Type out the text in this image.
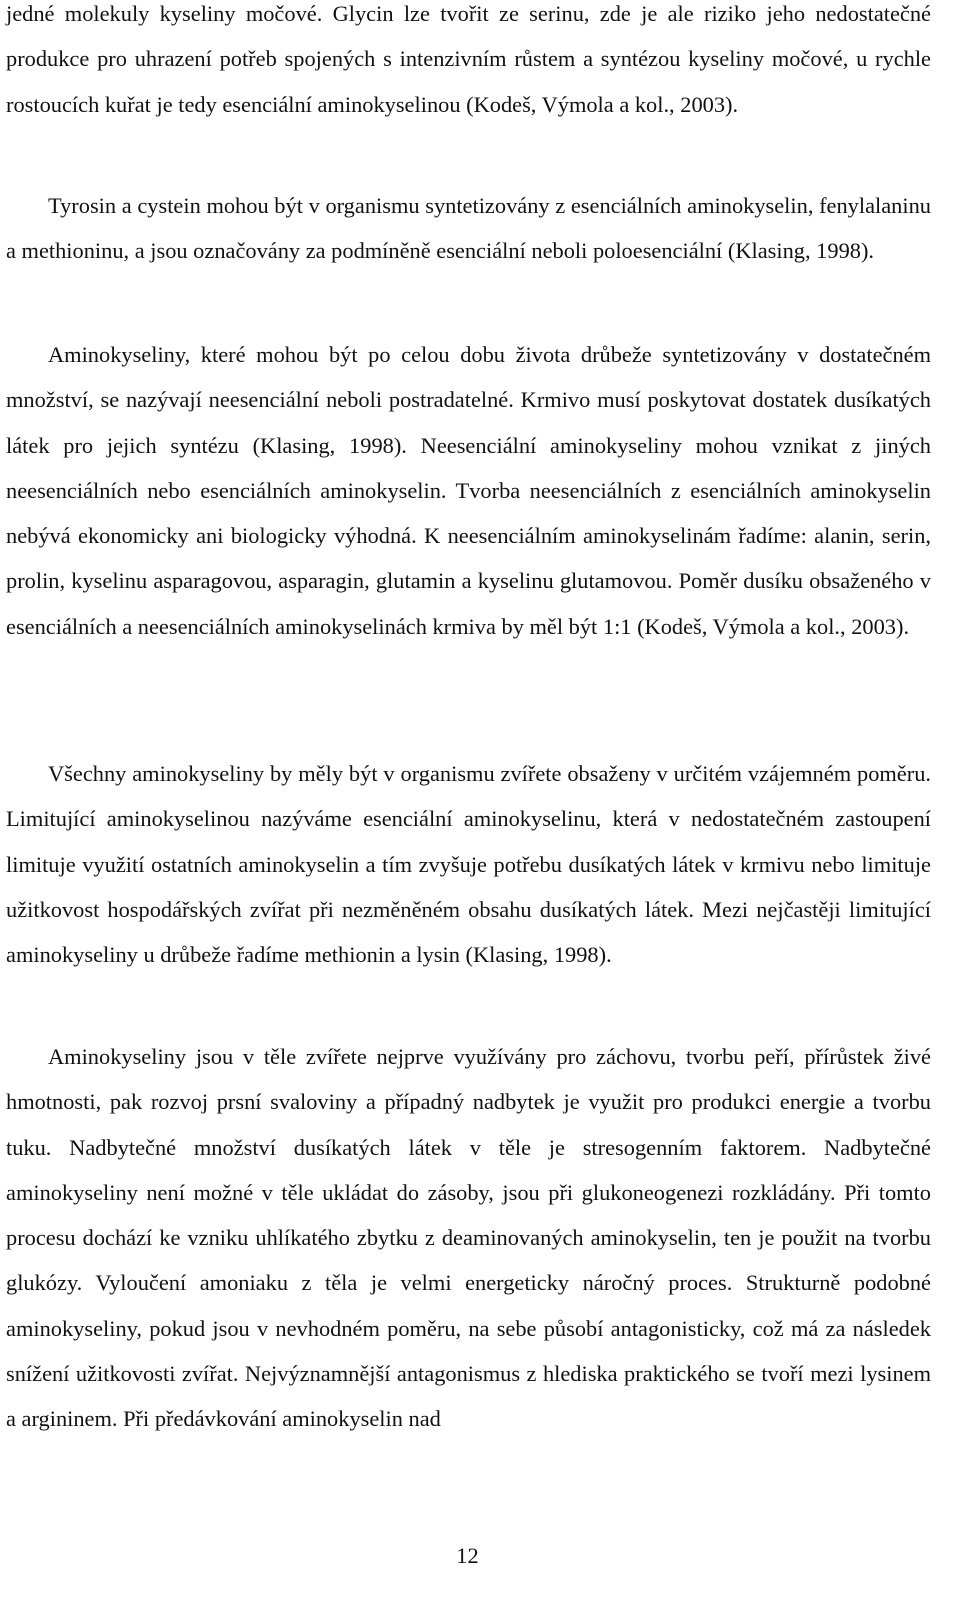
jedné molekuly kyseliny močové. Glycin lze tvořit ze serinu, zde je ale riziko jeho nedostatečné produkce pro uhrazení potřeb spojených s intenzivním růstem a syntézou kyseliny močové, u rychle rostoucích kuřat je tedy esenciální aminokyselinou (Kodeš, Výmola a kol., 2003).

Tyrosin a cystein mohou být v organismu syntetizovány z esenciálních aminokyselin, fenylalaninu a methioninu, a jsou označovány za podmíněně esenciální neboli poloesenciální (Klasing, 1998).

Aminokyseliny, které mohou být po celou dobu života drůbeže syntetizovány v dostatečném množství, se nazývají neesenciální neboli postradatelné. Krmivo musí poskytovat dostatek dusíkatých látek pro jejich syntézu (Klasing, 1998). Neesenciální aminokyseliny mohou vznikat z jiných neesenciálních nebo esenciálních aminokyselin. Tvorba neesenciálních z esenciálních aminokyselin nebývá ekonomicky ani biologicky výhodná. K neesenciálním aminokyselinám řadíme: alanin, serin, prolin, kyselinu asparagovou, asparagin, glutamin a kyselinu glutamovou. Poměr dusíku obsaženého v esenciálních a neesenciálních aminokyselinách krmiva by měl být 1:1 (Kodeš, Výmola a kol., 2003).

Všechny aminokyseliny by měly být v organismu zvířete obsaženy v určitém vzájemném poměru. Limitující aminokyselinou nazýváme esenciální aminokyselinu, která v nedostatečném zastoupení limituje využití ostatních aminokyselin a tím zvyšuje potřebu dusíkatých látek v krmivu nebo limituje užitkovost hospodářských zvířat při nezměněném obsahu dusíkatých látek. Mezi nejčastěji limitující aminokyseliny u drůbeže řadíme methionin a lysin (Klasing, 1998).

Aminokyseliny jsou v těle zvířete nejprve využívány pro záchovu, tvorbu peří, přírůstek živé hmotnosti, pak rozvoj prsní svaloviny a případný nadbytek je využit pro produkci energie a tvorbu tuku. Nadbytečné množství dusíkatých látek v těle je stresogenním faktorem. Nadbytečné aminokyseliny není možné v těle ukládat do zásoby, jsou při glukoneogenezi rozkládány. Při tomto procesu dochází ke vzniku uhlíkatého zbytku z deaminovaných aminokyselin, ten je použit na tvorbu glukózy. Vyloučení amoniaku z těla je velmi energeticky náročný proces. Strukturně podobné aminokyseliny, pokud jsou v nevhodném poměru, na sebe působí antagonisticky, což má za následek snížení užitkovosti zvířat. Nejvýznamnější antagonismus z hlediska praktického se tvoří mezi lysinem a argininem. Při předávkování aminokyselin nad

12
